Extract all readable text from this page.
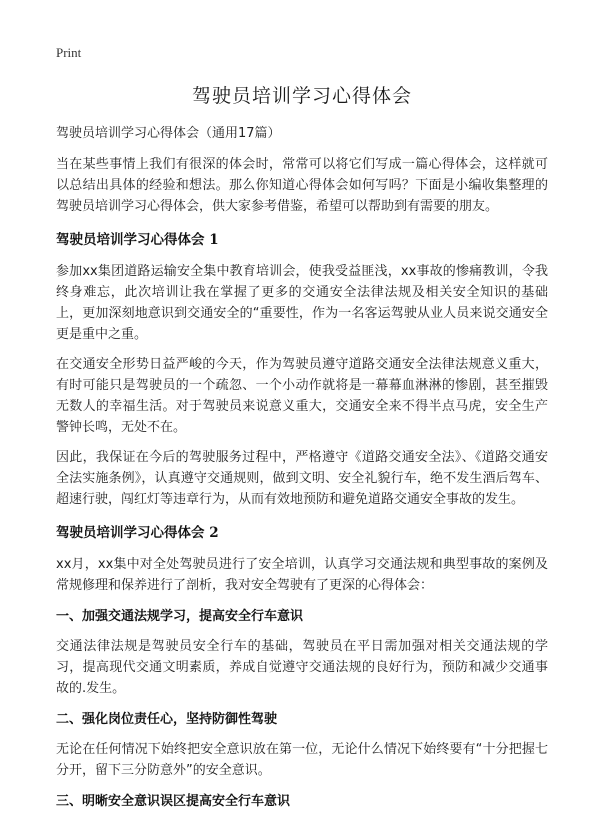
Print
驾驶员培训学习心得体会
驾驶员培训学习心得体会（通用17篇）

当在某些事情上我们有很深的体会时，常常可以将它们写成一篇心得体会，这样就可以总结出具体的经验和想法。那么你知道心得体会如何写吗？下面是小编收集整理的驾驶员培训学习心得体会，供大家参考借鉴，希望可以帮助到有需要的朋友。

驾驶员培训学习心得体会 1

参加xx集团道路运输安全集中教育培训会，使我受益匪浅，xx事故的惨痛教训，令我终身难忘，此次培训让我在掌握了更多的交通安全法律法规及相关安全知识的基础上，更加深刻地意识到交通安全的“重要性，作为一名客运驾驶从业人员来说交通安全更是重中之重。

在交通安全形势日益严峻的今天，作为驾驶员遵守道路交通安全法律法规意义重大，有时可能只是驾驶员的一个疏忽、一个小动作就将是一幕幕血淋淋的惨剧，甚至摧毁无数人的幸福生活。对于驾驶员来说意义重大，交通安全来不得半点马虎，安全生产警钟长鸣，无处不在。

因此，我保证在今后的驾驶服务过程中，严格遵守《道路交通安全法》、《道路交通安全法实施条例》，认真遵守交通规则，做到文明、安全礼貌行车，绝不发生酒后驾车、超速行驶，闯红灯等违章行为，从而有效地预防和避免道路交通安全事故的发生。

驾驶员培训学习心得体会 2

xx月，xx集中对全处驾驶员进行了安全培训，认真学习交通法规和典型事故的案例及常规修理和保养进行了剖析，我对安全驾驶有了更深的心得体会：

一、加强交通法规学习，提高安全行车意识

交通法律法规是驾驶员安全行车的基础，驾驶员在平日需加强对相关交通法规的学习，提高现代交通文明素质，养成自觉遵守交通法规的良好行为，预防和减少交通事故的.发生。

二、强化岗位责任心，坚持防御性驾驶

无论在任何情况下始终把安全意识放在第一位，无论什么情况下始终要有“十分把握七分开，留下三分防意外”的安全意识。

三、明晰安全意识误区提高安全行车意识
